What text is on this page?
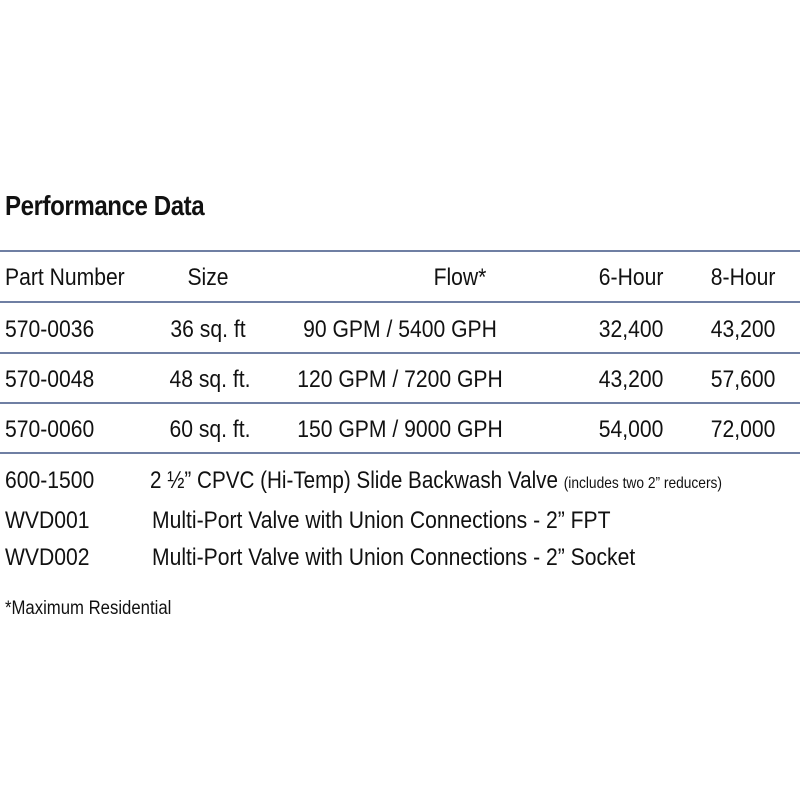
Performance Data
Part Number	Size	Flow*	6-Hour 8-Hour
570-0036	36 sq. ft	90 GPM / 5400 GPH	32,400 43,200
570-0048	48 sq. ft.	120 GPM / 7200 GPH	43,200 57,600
570-0060	60 sq. ft.	150 GPM / 9000 GPH	54,000 72,000
600-1500 2 ½” CPVC (Hi-Temp) Slide Backwash Valve (includes two 2” reducers)
WVD001	Multi-Port Valve with Union Connections - 2” FPT
WVD002	Multi-Port Valve with Union Connections - 2” Socket
*Maximum Residential
